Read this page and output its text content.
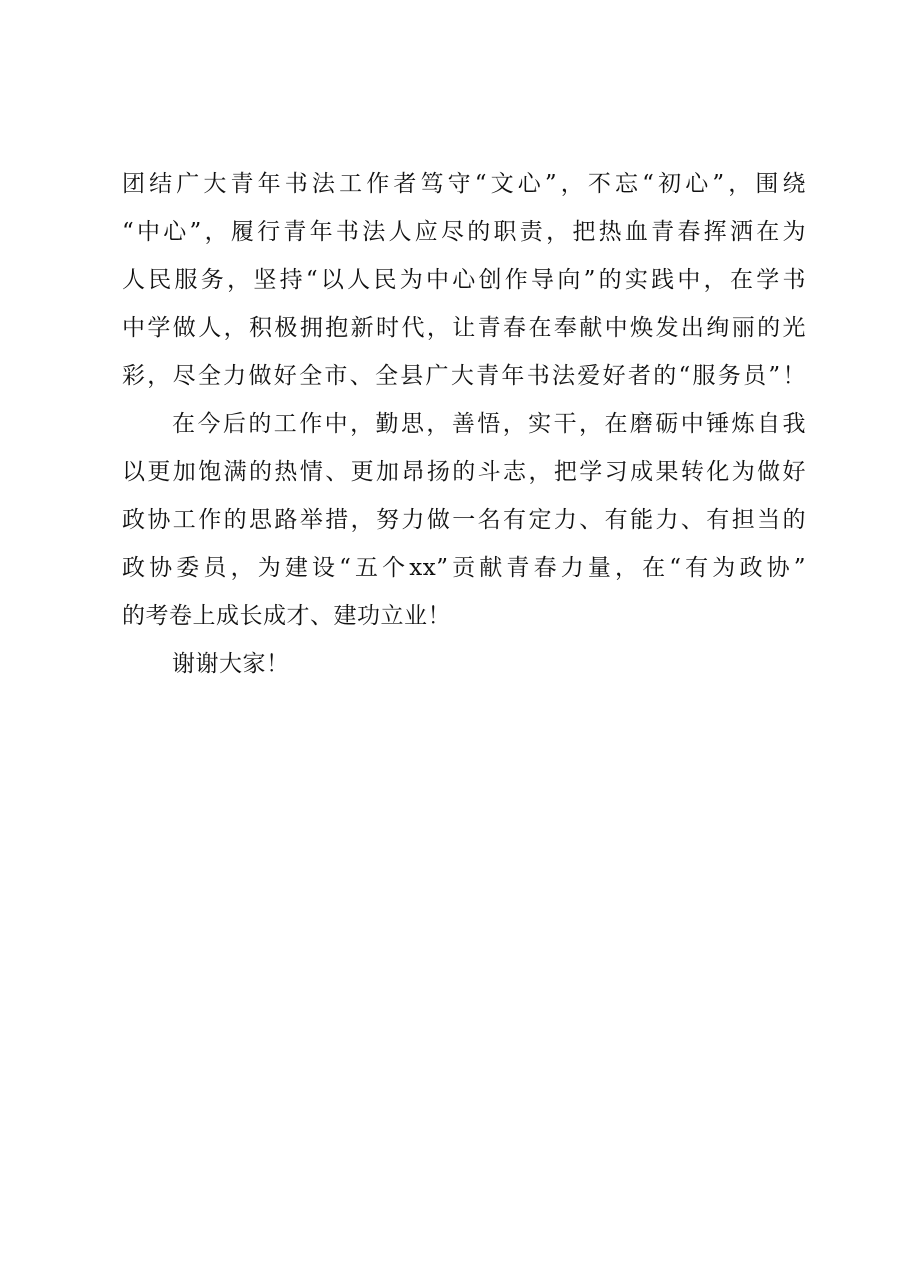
团结广大青年书法工作者笃守“文心”，不忘“初心”，围绕
“中心”，履行青年书法人应尽的职责，把热血青春挥洒在为
人民服务，坚持“以人民为中心创作导向”的实践中，在学书
中学做人，积极拥抱新时代，让青春在奉献中焕发出绚丽的光
彩，尽全力做好全市、全县广大青年书法爱好者的“服务员”！
在今后的工作中，勤思，善悟，实干，在磨砺中锤炼自我
以更加饱满的热情、更加昂扬的斗志，把学习成果转化为做好
政协工作的思路举措，努力做一名有定力、有能力、有担当的
政协委员，为建设“五个xx”贡献青春力量，在“有为政协”
的考卷上成长成才、建功立业！
谢谢大家！
